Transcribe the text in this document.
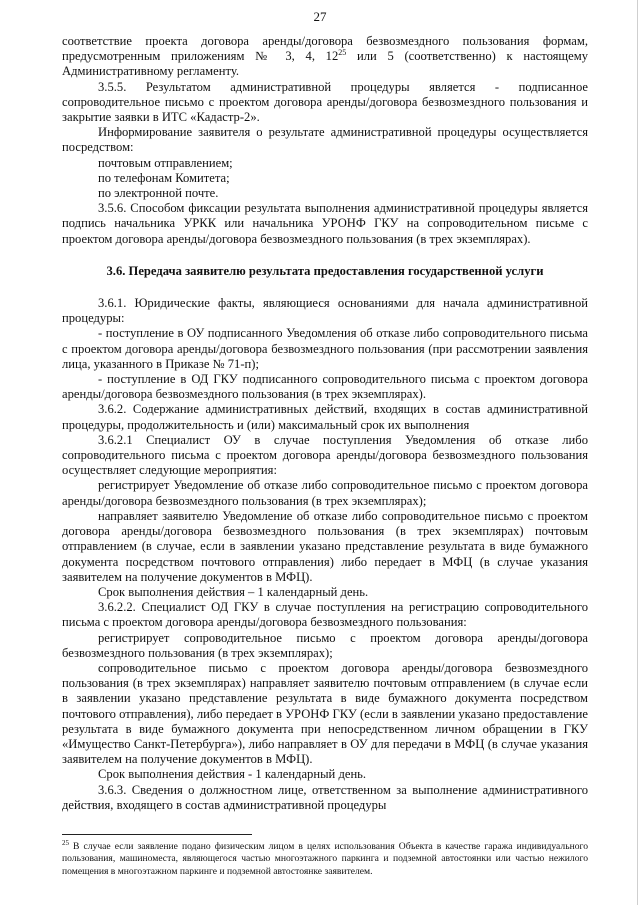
27

соответствие проекта договора аренды/договора безвозмездного пользования формам, предусмотренным приложениям № 3, 4, $12^{25}$ или 5 (соответственно) к настоящему Административному регламенту.

3.5.5. Результатом административной процедуры является - подписанное сопроводительное письмо с проектом договора аренды/договора безвозмездного пользования и закрытие заявки в ИТС «Кадастр-2».

Информирование заявителя о результате административной процедуры осуществляется посредством:

почтовым отправлением;

по телефонам Комитета;

по электронной почте.

3.5.6. Способом фиксации результата выполнения административной процедуры является подпись начальника УРКК или начальника УРОНФ ГКУ на сопроводительном письме с проектом договора аренды/договора безвозмездного пользования (в трех экземплярах).

3.6. Передача заявителю результата предоставления государственной услуги

3.6.1. Юридические факты, являющиеся основаниями для начала административной процедуры:

- поступление в ОУ подписанного Уведомления об отказе либо сопроводительного письма с проектом договора аренды/договора безвозмездного пользования (при рассмотрении заявления лица, указанного в Приказе № 71-п);

- поступление в ОД ГКУ подписанного сопроводительного письма с проектом договора аренды/договора безвозмездного пользования (в трех экземплярах).

3.6.2. Содержание административных действий, входящих в состав административной процедуры, продолжительность и (или) максимальный срок их выполнения

3.6.2.1 Специалист ОУ в случае поступления Уведомления об отказе либо сопроводительного письма с проектом договора аренды/договора безвозмездного пользования осуществляет следующие мероприятия:

регистрирует Уведомление об отказе либо сопроводительное письмо с проектом договора аренды/договора безвозмездного пользования (в трех экземплярах);

направляет заявителю Уведомление об отказе либо сопроводительное письмо с проектом договора аренды/договора безвозмездного пользования (в трех экземплярах) почтовым отправлением (в случае, если в заявлении указано представление результата в виде бумажного документа посредством почтового отправления) либо передает в МФЦ (в случае указания заявителем на получение документов в МФЦ).

Срок выполнения действия – 1 календарный день.

3.6.2.2. Специалист ОД ГКУ в случае поступления на регистрацию сопроводительного письма с проектом договора аренды/договора безвозмездного пользования:

регистрирует сопроводительное письмо с проектом договора аренды/договора безвозмездного пользования (в трех экземплярах);

сопроводительное письмо с проектом договора аренды/договора безвозмездного пользования (в трех экземплярах) направляет заявителю почтовым отправлением (в случае если в заявлении указано представление результата в виде бумажного документа посредством почтового отправления), либо передает в УРОНФ ГКУ (если в заявлении указано предоставление результата в виде бумажного документа при непосредственном личном обращении в ГКУ «Имущество Санкт-Петербурга»), либо направляет в ОУ для передачи в МФЦ (в случае указания заявителем на получение документов в МФЦ).

Срок выполнения действия - 1 календарный день.

3.6.3. Сведения о должностном лице, ответственном за выполнение административного действия, входящего в состав административной процедуры

$^{25}$ В случае если заявление подано физическим лицом в целях использования Объекта в качестве гаража индивидуального пользования, машиноместа, являющегося частью многоэтажного паркинга и подземной автостоянки или частью нежилого помещения в многоэтажном паркинге и подземной автостоянке заявителем.
